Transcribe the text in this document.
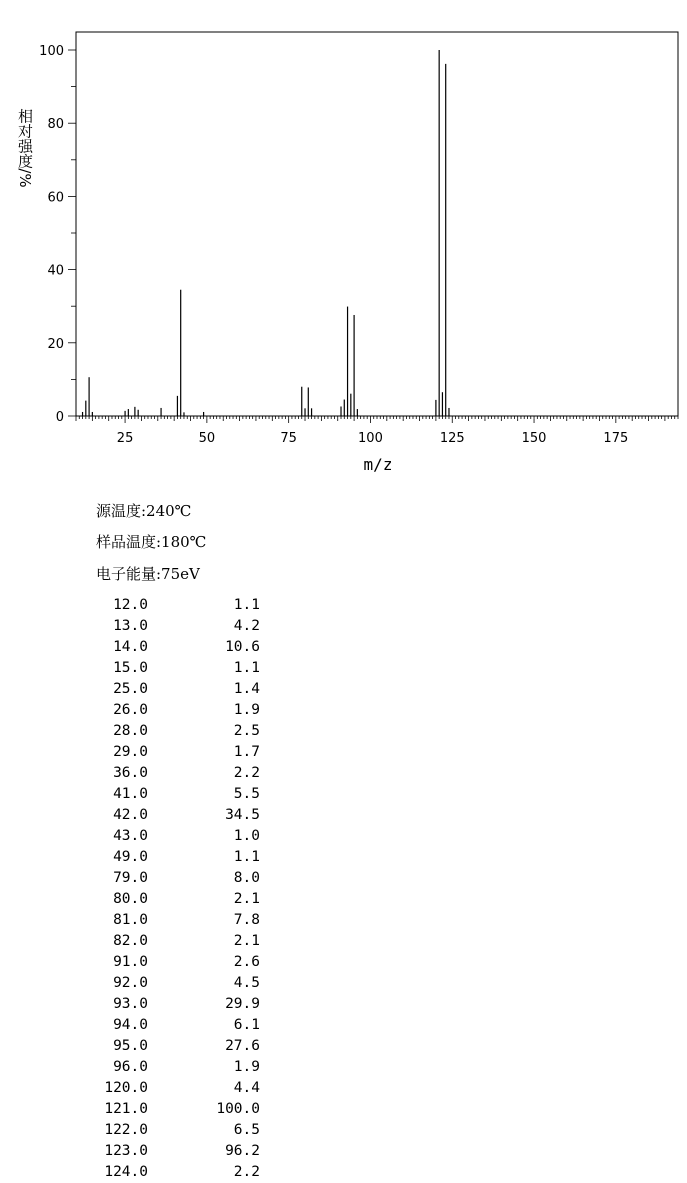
25	50	75	100	125	150	175
0
20
40
60
80
100
m/z
相对强度/%
源温度:240℃
样品温度:180℃
电子能量:75eV
12.0	1.1
13.0	4.2
14.0	10.6
15.0	1.1
25.0	1.4
26.0	1.9
28.0	2.5
29.0	1.7
36.0	2.2
41.0	5.5
42.0	34.5
43.0	1.0
49.0	1.1
79.0	8.0
80.0	2.1
81.0	7.8
82.0	2.1
91.0	2.6
92.0	4.5
93.0	29.9
94.0	6.1
95.0	27.6
96.0	1.9
120.0	4.4
121.0	100.0
122.0	6.5
123.0	96.2
124.0	2.2
